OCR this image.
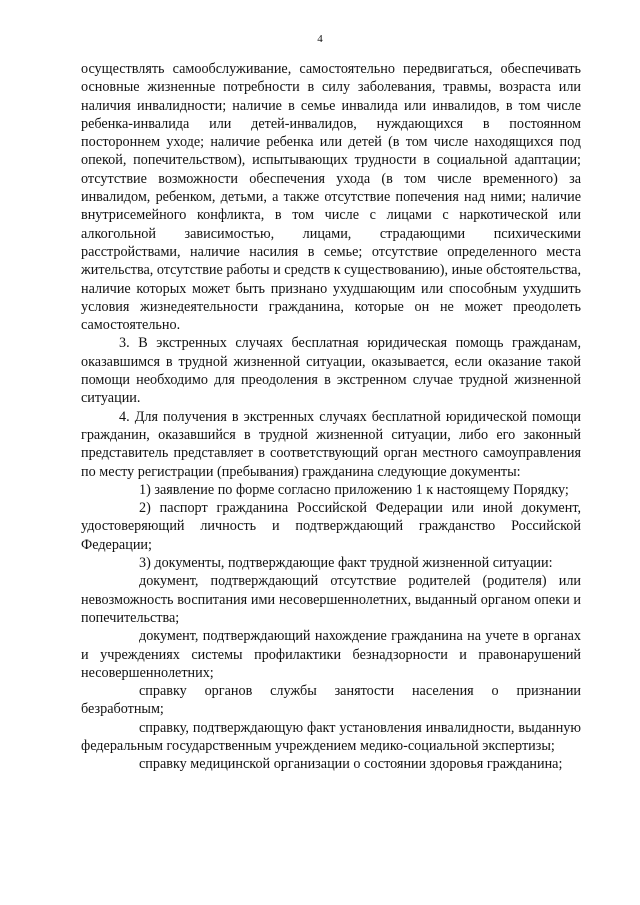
4

осуществлять самообслуживание, самостоятельно передвигаться, обеспечивать основные жизненные потребности в силу заболевания, травмы, возраста или наличия инвалидности; наличие в семье инвалида или инвалидов, в том числе ребенка-инвалида или детей-инвалидов, нуждающихся в постоянном постороннем уходе; наличие ребенка или детей (в том числе находящихся под опекой, попечительством), испытывающих трудности в социальной адаптации; отсутствие возможности обеспечения ухода (в том числе временного) за инвалидом, ребенком, детьми, а также отсутствие попечения над ними; наличие внутрисемейного конфликта, в том числе с лицами с наркотической или алкогольной зависимостью, лицами, страдающими психическими расстройствами, наличие насилия в семье; отсутствие определенного места жительства, отсутствие работы и средств к существованию), иные обстоятельства, наличие которых может быть признано ухудшающим или способным ухудшить условия жизнедеятельности гражданина, которые он не может преодолеть самостоятельно.

3. В экстренных случаях бесплатная юридическая помощь гражданам, оказавшимся в трудной жизненной ситуации, оказывается, если оказание такой помощи необходимо для преодоления в экстренном случае трудной жизненной ситуации.

4. Для получения в экстренных случаях бесплатной юридической помощи гражданин, оказавшийся в трудной жизненной ситуации, либо его законный представитель представляет в соответствующий орган местного самоуправления по месту регистрации (пребывания) гражданина следующие документы:

1) заявление по форме согласно приложению 1 к настоящему Порядку;

2) паспорт гражданина Российской Федерации или иной документ, удостоверяющий личность и подтверждающий гражданство Российской Федерации;

3) документы, подтверждающие факт трудной жизненной ситуации:

документ, подтверждающий отсутствие родителей (родителя) или невозможность воспитания ими несовершеннолетних, выданный органом опеки и попечительства;

документ, подтверждающий нахождение гражданина на учете в органах и учреждениях системы профилактики безнадзорности и правонарушений несовершеннолетних;

справку органов службы занятости населения о признании безработным;

справку, подтверждающую факт установления инвалидности, выданную федеральным государственным учреждением медико-социальной экспертизы;

справку медицинской организации о состоянии здоровья гражданина;
